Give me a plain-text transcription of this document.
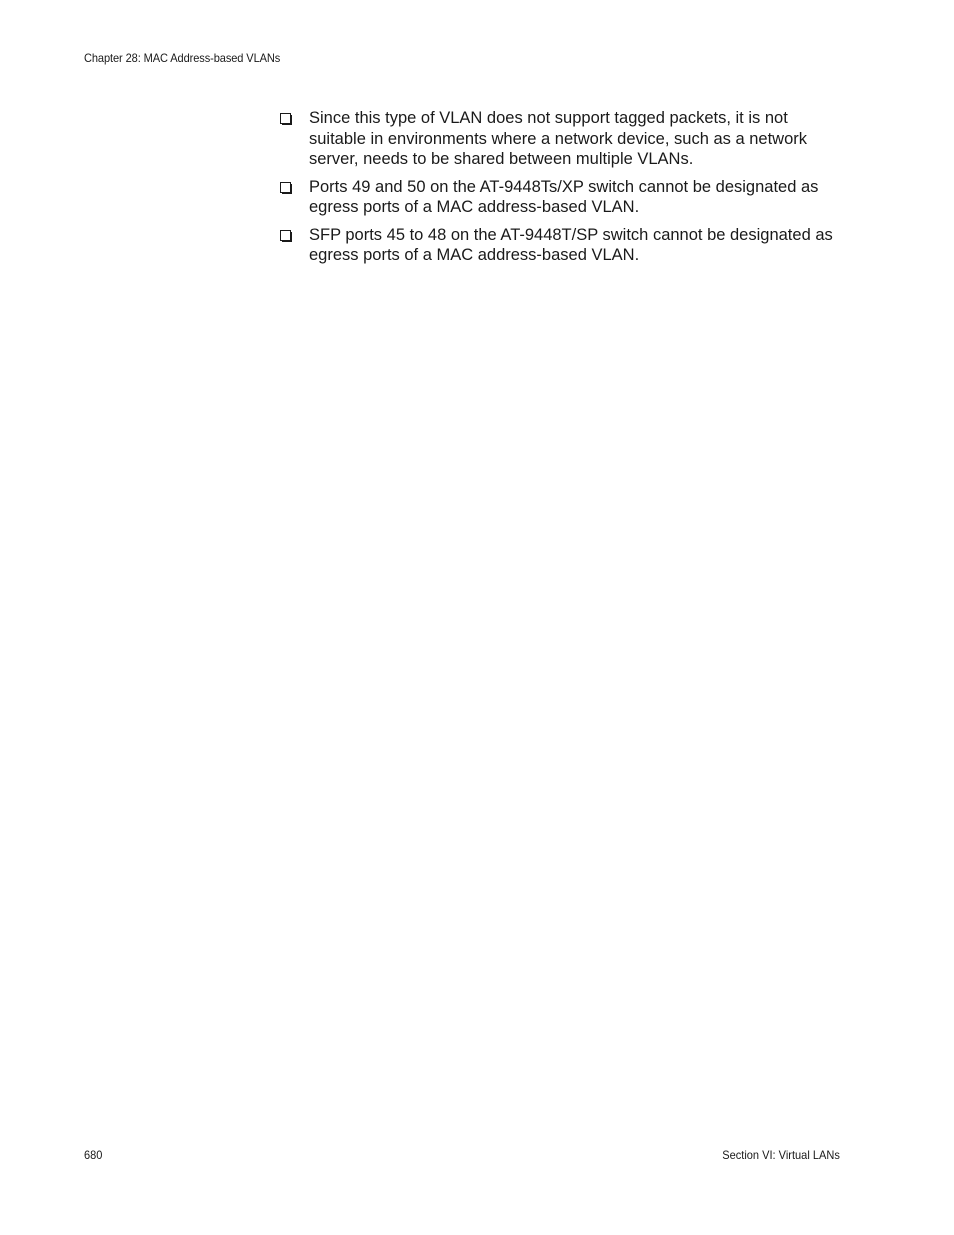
Chapter 28: MAC Address-based VLANs

Since this type of VLAN does not support tagged packets, it is not suitable in environments where a network device, such as a network server, needs to be shared between multiple VLANs.

Ports 49 and 50 on the AT-9448Ts/XP switch cannot be designated as egress ports of a MAC address-based VLAN.

SFP ports 45 to 48 on the AT-9448T/SP switch cannot be designated as egress ports of a MAC address-based VLAN.

680	Section VI: Virtual LANs
